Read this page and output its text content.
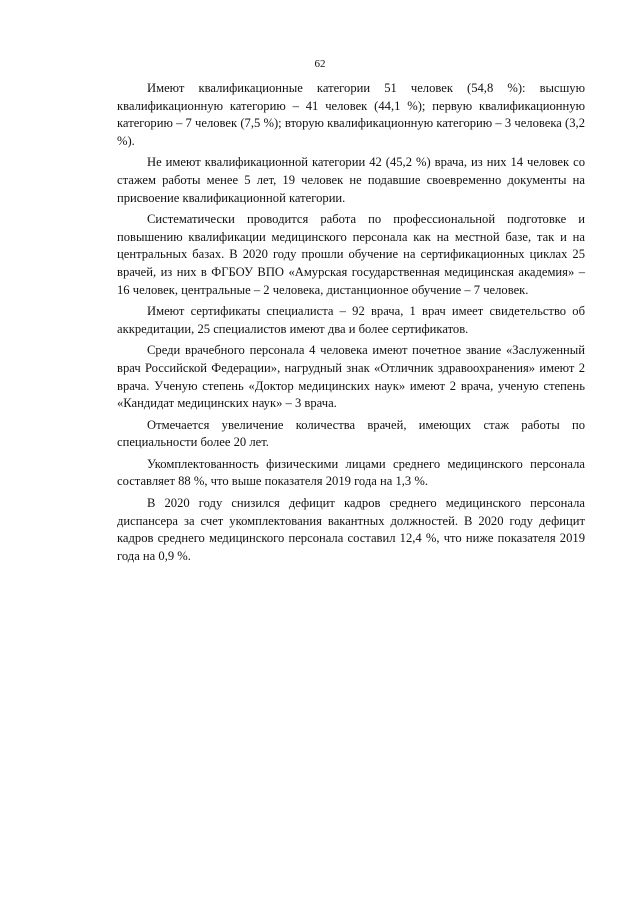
62

Имеют квалификационные категории 51 человек (54,8 %): высшую квалификационную категорию – 41 человек (44,1 %); первую квалификационную категорию – 7 человек (7,5 %); вторую квалификационную категорию – 3 человека (3,2 %).

Не имеют квалификационной категории 42 (45,2 %) врача, из них 14 человек со стажем работы менее 5 лет, 19 человек не подавшие своевременно документы на присвоение квалификационной категории.

Систематически проводится работа по профессиональной подготовке и повышению квалификации медицинского персонала как на местной базе, так и на центральных базах. В 2020 году прошли обучение на сертификационных циклах 25 врачей, из них в ФГБОУ ВПО «Амурская государственная медицинская академия» – 16 человек, центральные – 2 человека, дистанционное обучение – 7 человек.

Имеют сертификаты специалиста – 92 врача, 1 врач имеет свидетельство об аккредитации, 25 специалистов имеют два и более сертификатов.

Среди врачебного персонала 4 человека имеют почетное звание «Заслуженный врач Российской Федерации», нагрудный знак «Отличник здравоохранения» имеют 2 врача. Ученую степень «Доктор медицинских наук» имеют 2 врача, ученую степень «Кандидат медицинских наук» – 3 врача.

Отмечается увеличение количества врачей, имеющих стаж работы по специальности более 20 лет.

Укомплектованность физическими лицами среднего медицинского персонала составляет 88 %, что выше показателя 2019 года на 1,3 %.

В 2020 году снизился дефицит кадров среднего медицинского персонала диспансера за счет укомплектования вакантных должностей. В 2020 году дефицит кадров среднего медицинского персонала составил 12,4 %, что ниже показателя 2019 года на 0,9 %.
